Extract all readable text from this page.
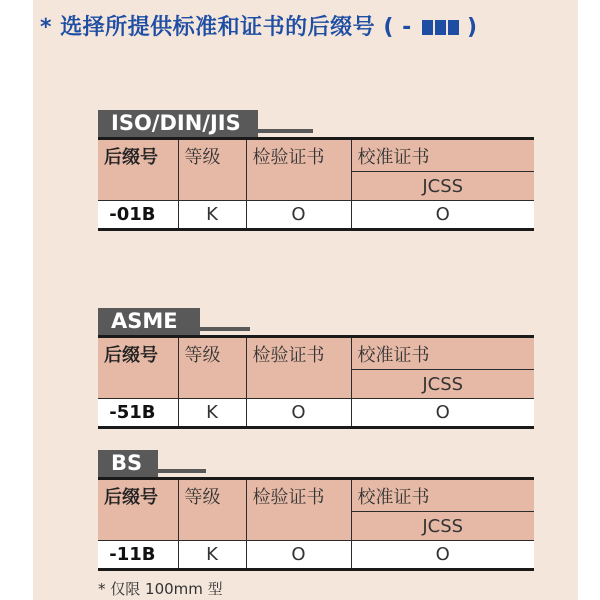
* 选择所提供标准和证书的后缀号 ( -	)
ISO/DIN/JIS
后缀号	等级	检验证书	校准证书
			JCSS
-01B	K	O	O
ASME
后缀号	等级	检验证书	校准证书
			JCSS
-51B	K	O	O
BS
后缀号	等级	检验证书	校准证书
			JCSS
-11B	K	O	O
* 仅限 100mm 型
